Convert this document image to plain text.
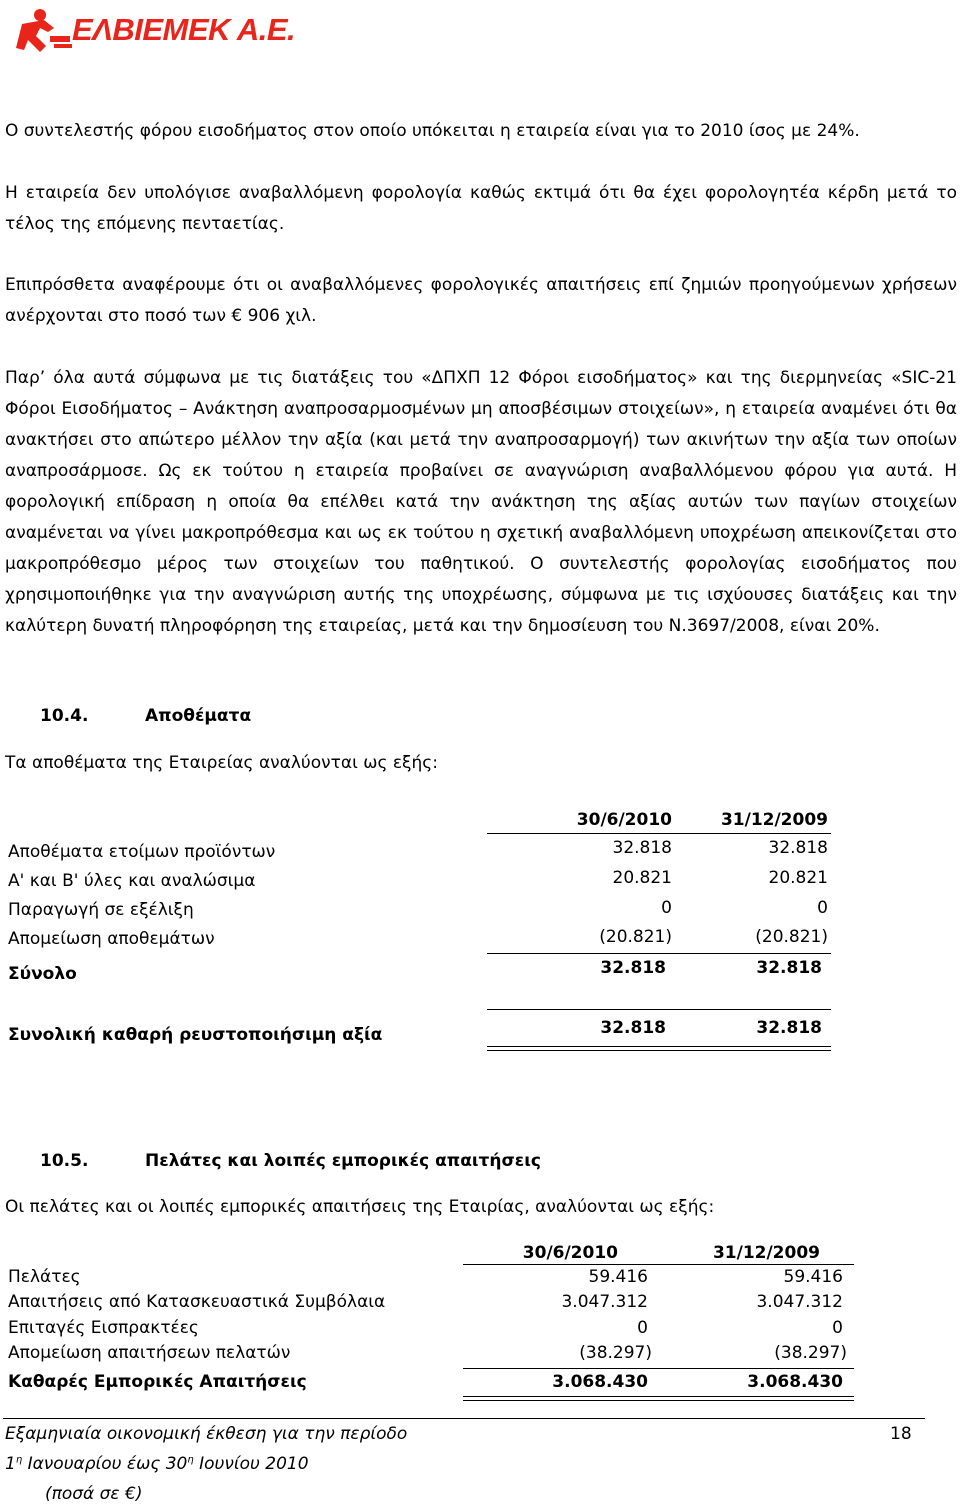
ΕΛΒΙΕΜΕΚ Α.Ε.
Ο συντελεστής φόρου εισοδήματος στον οποίο υπόκειται η εταιρεία είναι για το 2010 ίσος με 24%.
Η εταιρεία δεν υπολόγισε αναβαλλόμενη φορολογία καθώς εκτιμά ότι θα έχει φορολογητέα κέρδη μετά το τέλος της επόμενης πενταετίας.
Επιπρόσθετα αναφέρουμε ότι οι αναβαλλόμενες φορολογικές απαιτήσεις επί ζημιών προηγούμενων χρήσεων ανέρχονται στο ποσό των € 906 χιλ.
Παρ’ όλα αυτά σύμφωνα με τις διατάξεις του «ΔΠΧΠ 12 Φόροι εισοδήματος» και της διερμηνείας «SIC-21 Φόροι Εισοδήματος – Ανάκτηση αναπροσαρμοσμένων μη αποσβέσιμων στοιχείων», η εταιρεία αναμένει ότι θα ανακτήσει στο απώτερο μέλλον την αξία (και μετά την αναπροσαρμογή) των ακινήτων την αξία των οποίων αναπροσάρμοσε. Ως εκ τούτου η εταιρεία προβαίνει σε αναγνώριση αναβαλλόμενου φόρου για αυτά. Η φορολογική επίδραση η οποία θα επέλθει κατά την ανάκτηση της αξίας αυτών των παγίων στοιχείων αναμένεται να γίνει μακροπρόθεσμα και ως εκ τούτου η σχετική αναβαλλόμενη υποχρέωση απεικονίζεται στο μακροπρόθεσμο μέρος των στοιχείων του παθητικού. Ο συντελεστής φορολογίας εισοδήματος που χρησιμοποιήθηκε για την αναγνώριση αυτής της υποχρέωσης, σύμφωνα με τις ισχύουσες διατάξεις και την καλύτερη δυνατή πληροφόρηση της εταιρείας, μετά και την δημοσίευση του Ν.3697/2008, είναι 20%.
10.4.	Αποθέματα
Τα αποθέματα της Εταιρείας αναλύονται ως εξής:
30/6/2010	31/12/2009
Αποθέματα ετοίμων προϊόντων	32.818	32.818
Α' και Β' ύλες και αναλώσιμα	20.821	20.821
Παραγωγή σε εξέλιξη	0	0
Απομείωση αποθεμάτων	(20.821)	(20.821)
Σύνολο	32.818	32.818
Συνολική καθαρή ρευστοποιήσιμη αξία	32.818	32.818
10.5.	Πελάτες και λοιπές εμπορικές απαιτήσεις
Οι πελάτες και οι λοιπές εμπορικές απαιτήσεις της Εταιρίας, αναλύονται ως εξής:
30/6/2010	31/12/2009
Πελάτες	59.416	59.416
Απαιτήσεις από Κατασκευαστικά Συμβόλαια	3.047.312	3.047.312
Επιταγές Εισπρακτέες	0	0
Απομείωση απαιτήσεων πελατών	(38.297)	(38.297)
Καθαρές Εμπορικές Απαιτήσεις	3.068.430	3.068.430
Εξαμηνιαία οικονομική έκθεση για την περίοδο	18
$1^\eta$ Ιανουαρίου έως $30^\eta$ Ιουνίου 2010
(ποσά σε €)
